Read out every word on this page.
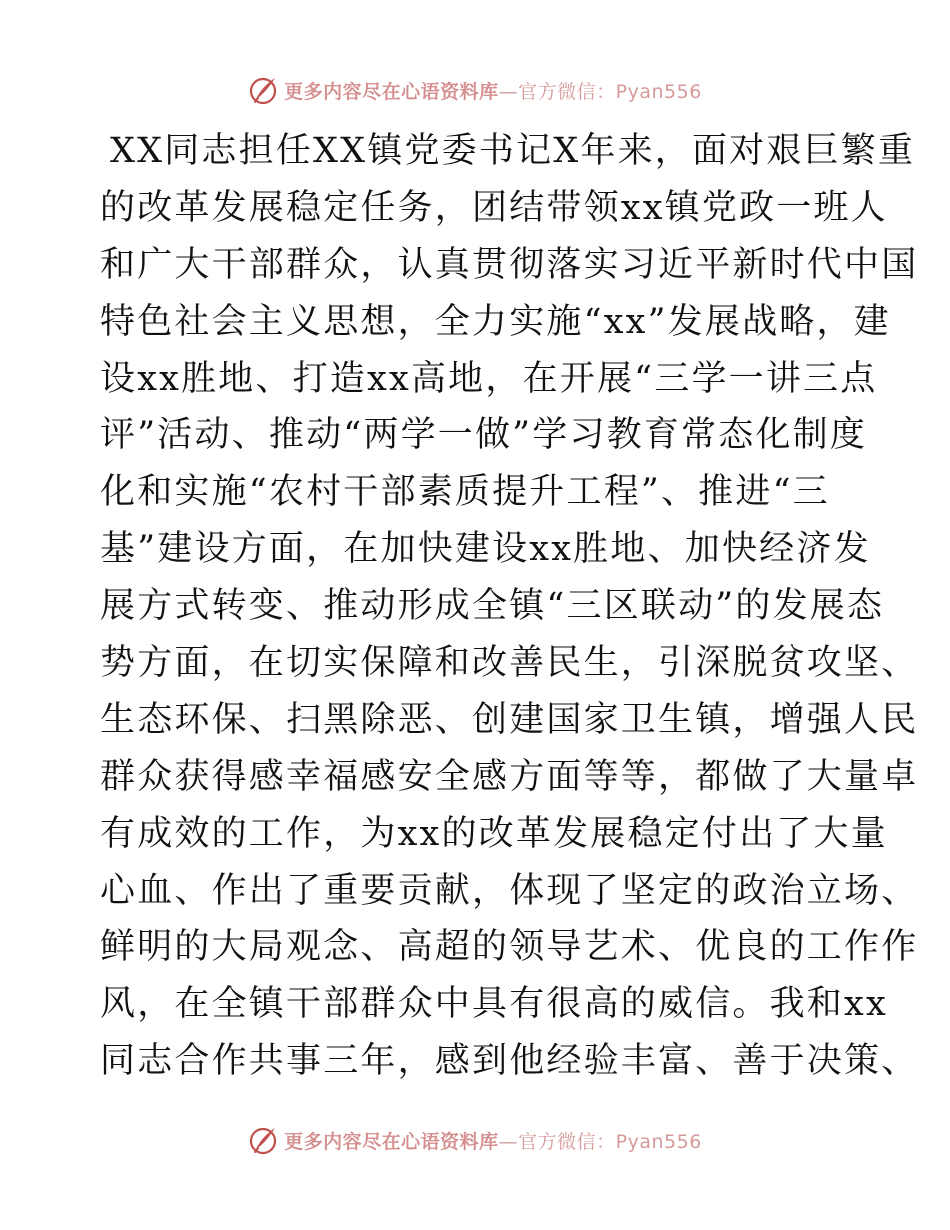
更多内容尽在心语资料库—官方微信：Pyan556
XX同志担任XX镇党委书记X年来，面对艰巨繁重
的改革发展稳定任务，团结带领xx镇党政一班人
和广大干部群众，认真贯彻落实习近平新时代中国
特色社会主义思想，全力实施“xx”发展战略，建
设xx胜地、打造xx高地，在开展“三学一讲三点
评”活动、推动“两学一做”学习教育常态化制度
化和实施“农村干部素质提升工程”、推进“三
基”建设方面，在加快建设xx胜地、加快经济发
展方式转变、推动形成全镇“三区联动”的发展态
势方面，在切实保障和改善民生，引深脱贫攻坚、
生态环保、扫黑除恶、创建国家卫生镇，增强人民
群众获得感幸福感安全感方面等等，都做了大量卓
有成效的工作，为xx的改革发展稳定付出了大量
心血、作出了重要贡献，体现了坚定的政治立场、
鲜明的大局观念、高超的领导艺术、优良的工作作
风，在全镇干部群众中具有很高的威信。我和xx
同志合作共事三年，感到他经验丰富、善于决策、
更多内容尽在心语资料库—官方微信：Pyan556
